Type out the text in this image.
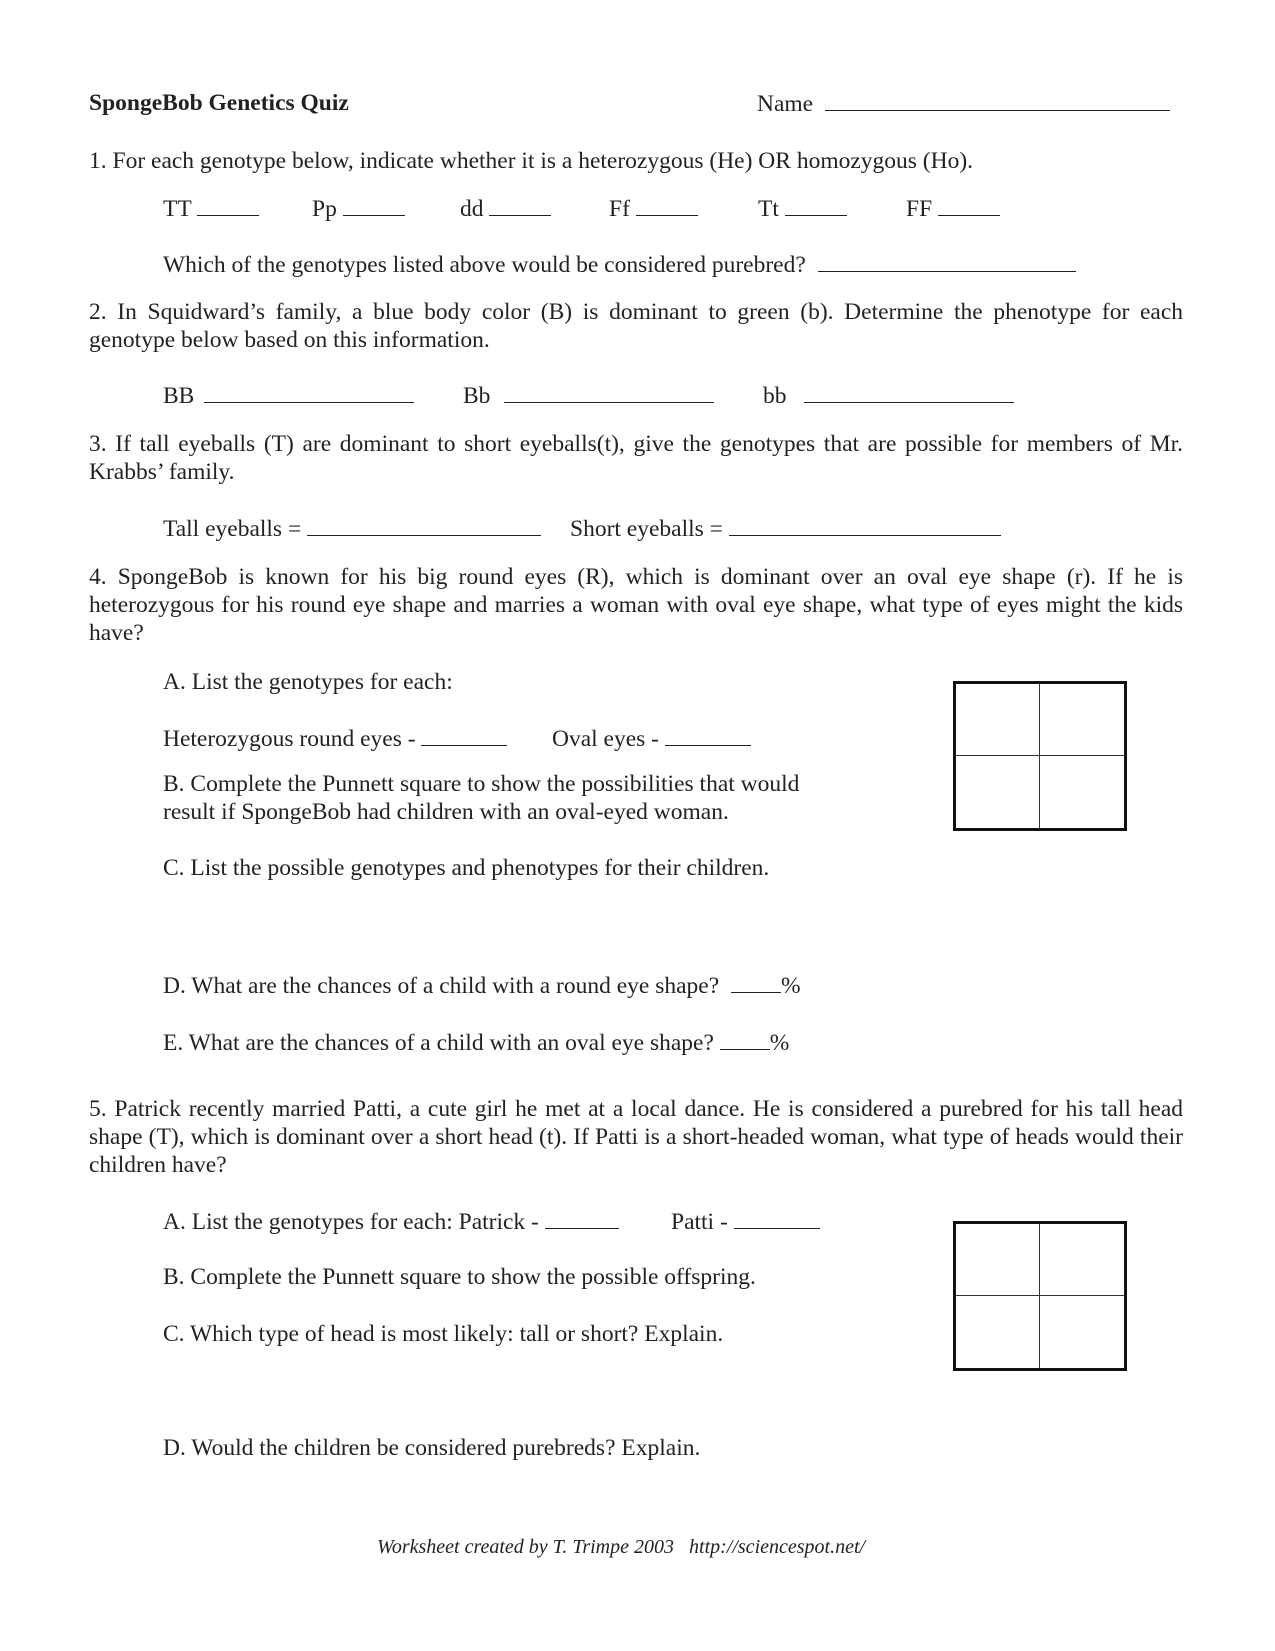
SpongeBob Genetics Quiz	Name
1. For each genotype below, indicate whether it is a heterozygous (He) OR homozygous (Ho).
TT	Pp	dd	Ff	Tt	FF
Which of the genotypes listed above would be considered purebred?
2. In Squidward’s family, a blue body color (B) is dominant to green (b). Determine the phenotype for each genotype below based on this information.
BB	Bb	bb
3. If tall eyeballs (T) are dominant to short eyeballs(t), give the genotypes that are possible for members of Mr. Krabbs’ family.
Tall eyeballs =	Short eyeballs =
4. SpongeBob is known for his big round eyes (R), which is dominant over an oval eye shape (r). If he is heterozygous for his round eye shape and marries a woman with oval eye shape, what type of eyes might the kids have?
A. List the genotypes for each:
Heterozygous round eyes -	Oval eyes -
B. Complete the Punnett square to show the possibilities that would
result if SpongeBob had children with an oval-eyed woman.
C. List the possible genotypes and phenotypes for their children.
D. What are the chances of a child with a round eye shape?	%
E. What are the chances of a child with an oval eye shape? %
5. Patrick recently married Patti, a cute girl he met at a local dance. He is considered a purebred for his tall head shape (T), which is dominant over a short head (t). If Patti is a short-headed woman, what type of heads would their children have?
A. List the genotypes for each: Patrick -	Patti -
B. Complete the Punnett square to show the possible offspring.
C. Which type of head is most likely: tall or short? Explain.
D. Would the children be considered purebreds? Explain.
Worksheet created by T. Trimpe 2003 http://sciencespot.net/
